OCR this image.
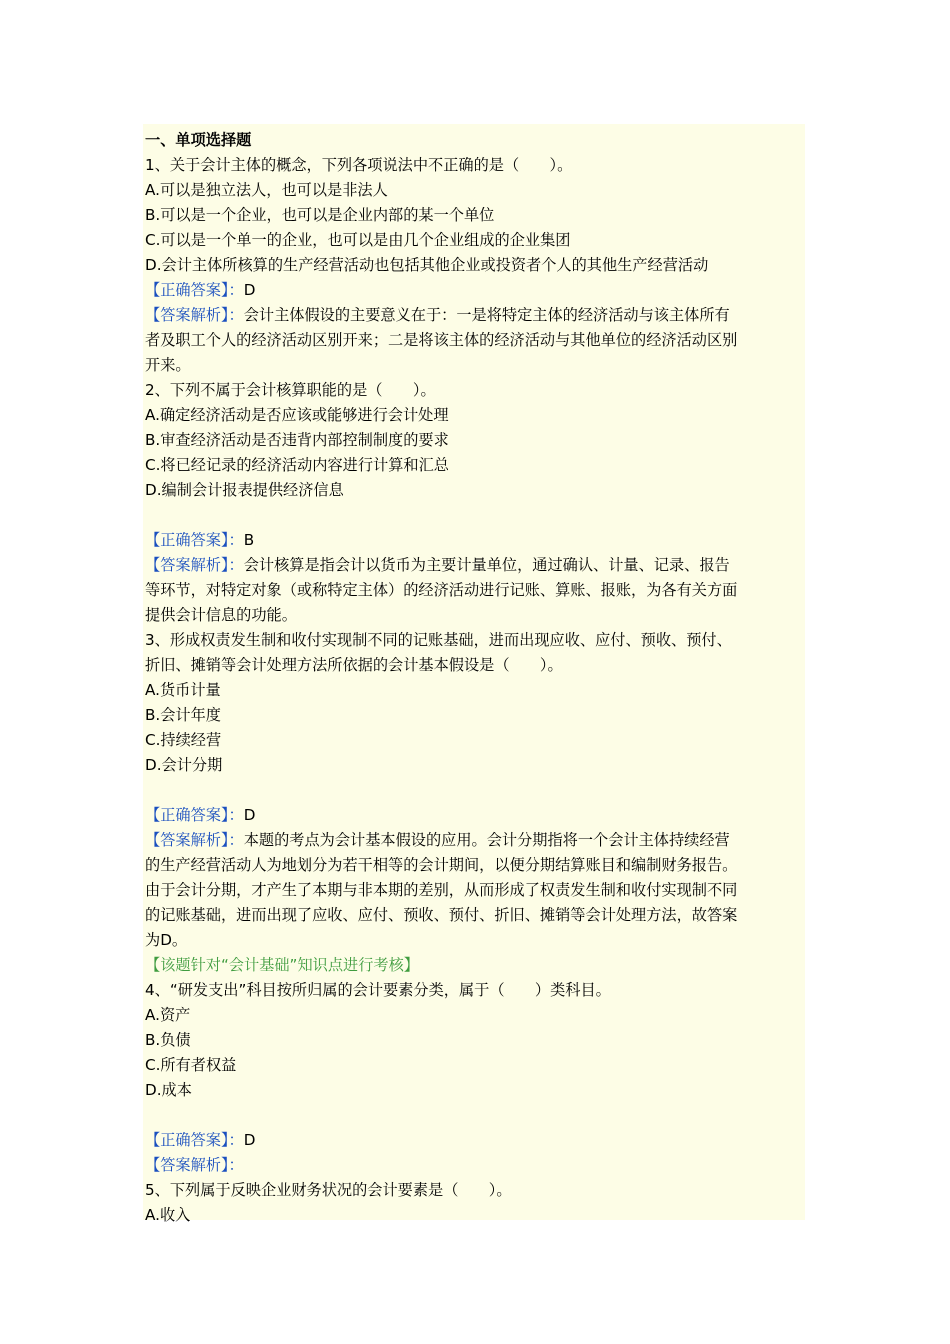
一、单项选择题
1、关于会计主体的概念，下列各项说法中不正确的是（　　）。
A.可以是独立法人，也可以是非法人
B.可以是一个企业，也可以是企业内部的某一个单位
C.可以是一个单一的企业，也可以是由几个企业组成的企业集团
D.会计主体所核算的生产经营活动也包括其他企业或投资者个人的其他生产经营活动
【正确答案】：D
【答案解析】：会计主体假设的主要意义在于：一是将特定主体的经济活动与该主体所有
者及职工个人的经济活动区别开来；二是将该主体的经济活动与其他单位的经济活动区别
开来。
2、下列不属于会计核算职能的是（　　）。
A.确定经济活动是否应该或能够进行会计处理
B.审查经济活动是否违背内部控制制度的要求
C.将已经记录的经济活动内容进行计算和汇总
D.编制会计报表提供经济信息
【正确答案】：B
【答案解析】：会计核算是指会计以货币为主要计量单位，通过确认、计量、记录、报告
等环节，对特定对象（或称特定主体）的经济活动进行记账、算账、报账，为各有关方面
提供会计信息的功能。
3、形成权责发生制和收付实现制不同的记账基础，进而出现应收、应付、预收、预付、
折旧、摊销等会计处理方法所依据的会计基本假设是（　　）。
A.货币计量
B.会计年度
C.持续经营
D.会计分期
【正确答案】：D
【答案解析】：本题的考点为会计基本假设的应用。会计分期指将一个会计主体持续经营
的生产经营活动人为地划分为若干相等的会计期间，以便分期结算账目和编制财务报告。
由于会计分期，才产生了本期与非本期的差别，从而形成了权责发生制和收付实现制不同
的记账基础，进而出现了应收、应付、预收、预付、折旧、摊销等会计处理方法，故答案
为D。
【该题针对“会计基础”知识点进行考核】
4、“研发支出”科目按所归属的会计要素分类，属于（　　）类科目。
A.资产
B.负债
C.所有者权益
D.成本
【正确答案】：D
【答案解析】：
5、下列属于反映企业财务状况的会计要素是（　　）。
A.收入
